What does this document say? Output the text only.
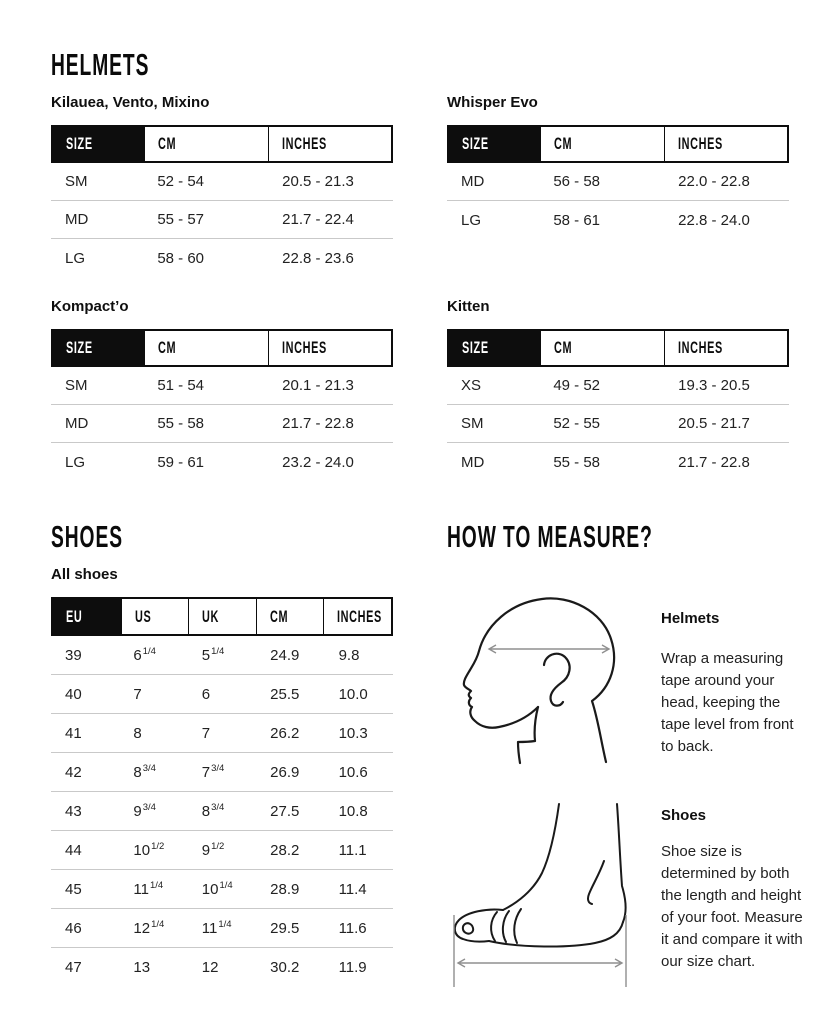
HELMETS
Kilauea, Vento, Mixino
SIZE	CM	INCHES
SM	52 - 54	20.5 - 21.3
MD	55 - 57	21.7 - 22.4
LG	58 - 60	22.8 - 23.6
Whisper Evo
SIZE	CM	INCHES
MD	56 - 58	22.0 - 22.8
LG	58 - 61	22.8 - 24.0
Kompact’o
SIZE	CM	INCHES
SM	51 - 54	20.1 - 21.3
MD	55 - 58	21.7 - 22.8
LG	59 - 61	23.2 - 24.0
Kitten
SIZE	CM	INCHES
XS	49 - 52	19.3 - 20.5
SM	52 - 55	20.5 - 21.7
MD	55 - 58	21.7 - 22.8
SHOES
All shoes
EU	US	UK	CM	INCHES
39	$6^{1/4}$	$5^{1/4}$	24.9	9.8
40	7	6	25.5	10.0
41	8	7	26.2	10.3
42	$8^{3/4}$	$7^{3/4}$	26.9	10.6
43	$9^{3/4}$	$8^{3/4}$	27.5	10.8
44	$10^{1/2}$	$9^{1/2}$	28.2	11.1
45	$11^{1/4}$	$10^{1/4}$	28.9	11.4
46	$12^{1/4}$	$11^{1/4}$	29.5	11.6
47	13	12	30.2	11.9
HOW TO MEASURE?

Helmets

Wrap a measuring tape around your head, keeping the tape level from front to back.

Shoes

Shoe size is determined by both the length and height of your foot. Measure it and compare it with our size chart.
